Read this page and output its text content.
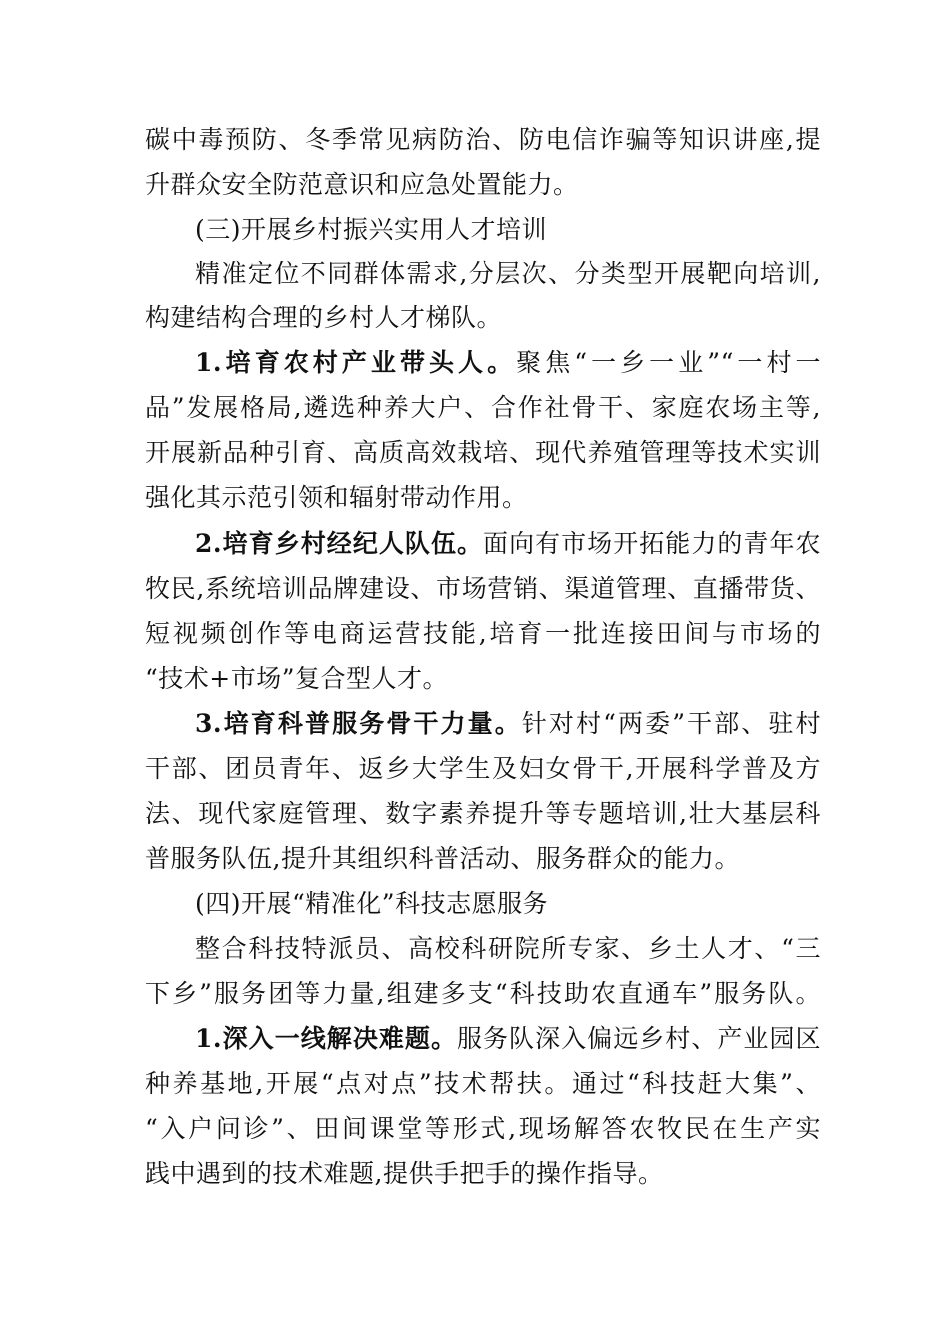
碳中毒预防、冬季常见病防治、防电信诈骗等知识讲座,提
升群众安全防范意识和应急处置能力。
(三)开展乡村振兴实用人才培训
精准定位不同群体需求,分层次、分类型开展靶向培训,
构建结构合理的乡村人才梯队。
1.培育农村产业带头人。聚焦“一乡一业”“一村一
品”发展格局,遴选种养大户、合作社骨干、家庭农场主等,
开展新品种引育、高质高效栽培、现代养殖管理等技术实训
强化其示范引领和辐射带动作用。
2.培育乡村经纪人队伍。面向有市场开拓能力的青年农
牧民,系统培训品牌建设、市场营销、渠道管理、直播带货、
短视频创作等电商运营技能,培育一批连接田间与市场的
“技术+市场”复合型人才。
3.培育科普服务骨干力量。针对村“两委”干部、驻村
干部、团员青年、返乡大学生及妇女骨干,开展科学普及方
法、现代家庭管理、数字素养提升等专题培训,壮大基层科
普服务队伍,提升其组织科普活动、服务群众的能力。
(四)开展“精准化”科技志愿服务
整合科技特派员、高校科研院所专家、乡土人才、“三
下乡”服务团等力量,组建多支“科技助农直通车”服务队。
1.深入一线解决难题。服务队深入偏远乡村、产业园区
种养基地,开展“点对点”技术帮扶。通过“科技赶大集”、
“入户问诊”、田间课堂等形式,现场解答农牧民在生产实
践中遇到的技术难题,提供手把手的操作指导。
